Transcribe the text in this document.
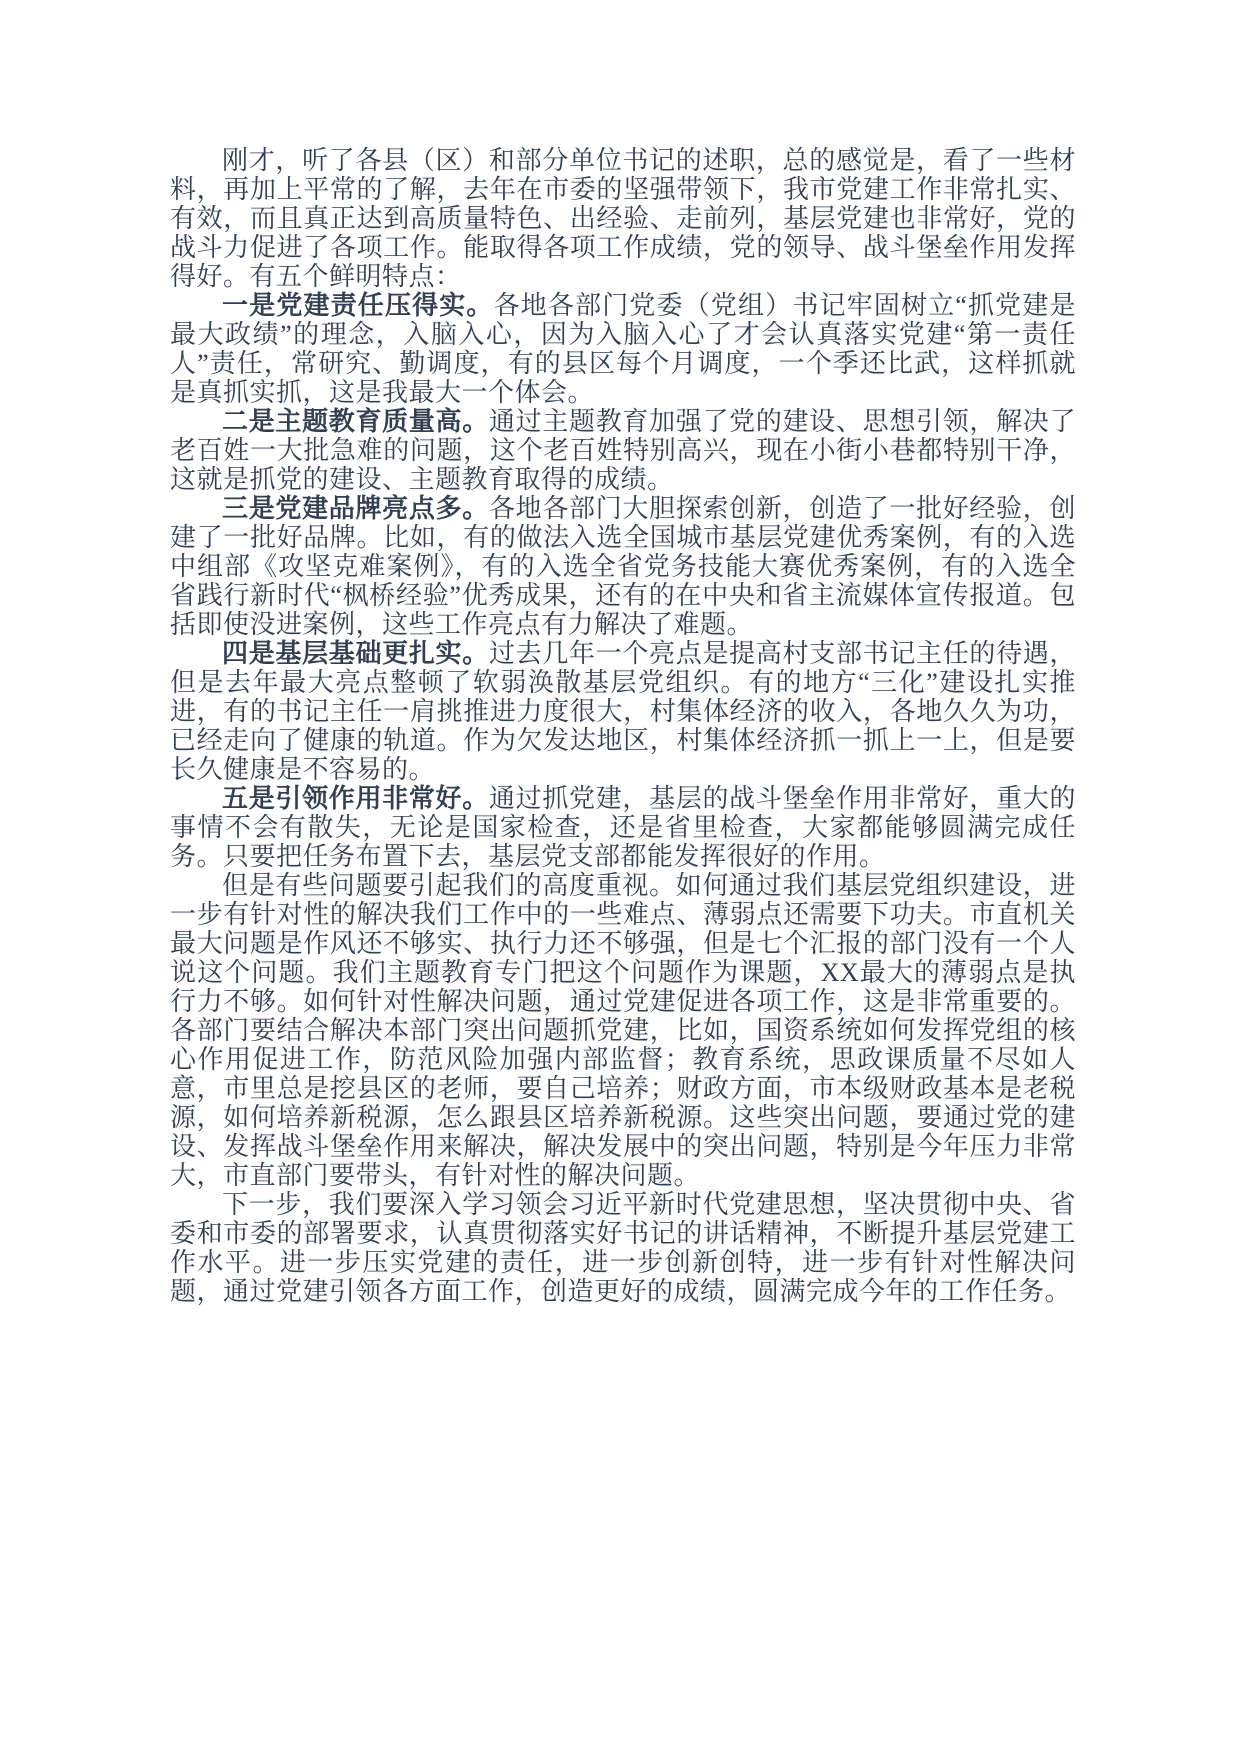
刚才，听了各县（区）和部分单位书记的述职，总的感觉是，看了一些材料，再加上平常的了解，去年在市委的坚强带领下，我市党建工作非常扎实、有效，而且真正达到高质量特色、出经验、走前列，基层党建也非常好，党的战斗力促进了各项工作。能取得各项工作成绩，党的领导、战斗堡垒作用发挥得好。有五个鲜明特点：

一是党建责任压得实。各地各部门党委（党组）书记牢固树立“抓党建是最大政绩”的理念，入脑入心，因为入脑入心了才会认真落实党建“第一责任人”责任，常研究、勤调度，有的县区每个月调度，一个季还比武，这样抓就是真抓实抓，这是我最大一个体会。

二是主题教育质量高。通过主题教育加强了党的建设、思想引领，解决了老百姓一大批急难的问题，这个老百姓特别高兴，现在小街小巷都特别干净，这就是抓党的建设、主题教育取得的成绩。

三是党建品牌亮点多。各地各部门大胆探索创新，创造了一批好经验，创建了一批好品牌。比如，有的做法入选全国城市基层党建优秀案例，有的入选中组部《攻坚克难案例》，有的入选全省党务技能大赛优秀案例，有的入选全省践行新时代“枫桥经验”优秀成果，还有的在中央和省主流媒体宣传报道。包括即使没进案例，这些工作亮点有力解决了难题。

四是基层基础更扎实。过去几年一个亮点是提高村支部书记主任的待遇，但是去年最大亮点整顿了软弱涣散基层党组织。有的地方“三化”建设扎实推进，有的书记主任一肩挑推进力度很大，村集体经济的收入，各地久久为功，已经走向了健康的轨道。作为欠发达地区，村集体经济抓一抓上一上，但是要长久健康是不容易的。

五是引领作用非常好。通过抓党建，基层的战斗堡垒作用非常好，重大的事情不会有散失，无论是国家检查，还是省里检查，大家都能够圆满完成任务。只要把任务布置下去，基层党支部都能发挥很好的作用。

但是有些问题要引起我们的高度重视。如何通过我们基层党组织建设，进一步有针对性的解决我们工作中的一些难点、薄弱点还需要下功夫。市直机关最大问题是作风还不够实、执行力还不够强，但是七个汇报的部门没有一个人说这个问题。我们主题教育专门把这个问题作为课题，XX最大的薄弱点是执行力不够。如何针对性解决问题，通过党建促进各项工作，这是非常重要的。各部门要结合解决本部门突出问题抓党建，比如，国资系统如何发挥党组的核心作用促进工作，防范风险加强内部监督；教育系统，思政课质量不尽如人意，市里总是挖县区的老师，要自己培养；财政方面，市本级财政基本是老税源，如何培养新税源，怎么跟县区培养新税源。这些突出问题，要通过党的建设、发挥战斗堡垒作用来解决，解决发展中的突出问题，特别是今年压力非常大，市直部门要带头，有针对性的解决问题。

下一步，我们要深入学习领会习近平新时代党建思想，坚决贯彻中央、省委和市委的部署要求，认真贯彻落实好书记的讲话精神，不断提升基层党建工作水平。进一步压实党建的责任，进一步创新创特，进一步有针对性解决问题，通过党建引领各方面工作，创造更好的成绩，圆满完成今年的工作任务。
